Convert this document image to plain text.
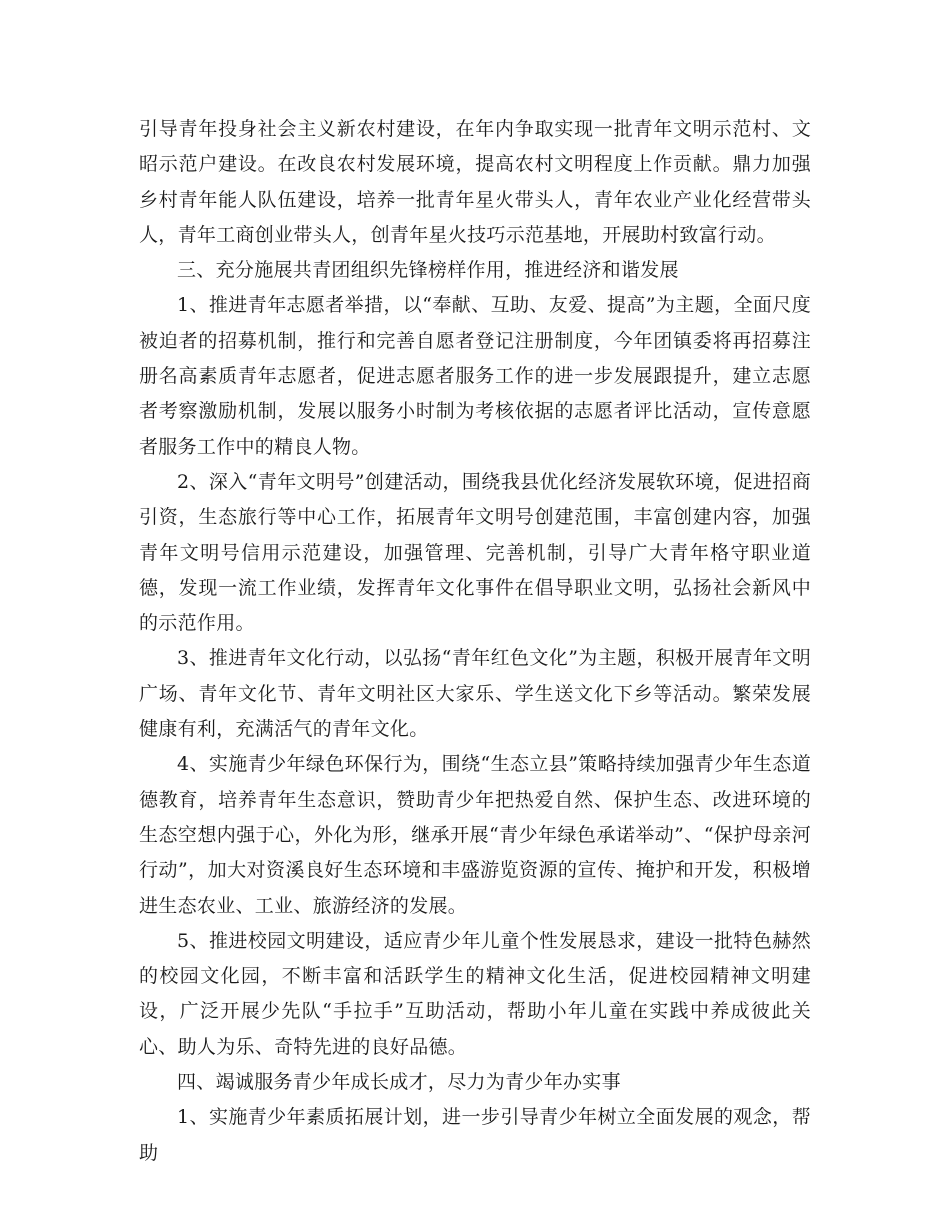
引导青年投身社会主义新农村建设，在年内争取实现一批青年文明示范村、文昭示范户建设。在改良农村发展环境，提高农村文明程度上作贡献。鼎力加强乡村青年能人队伍建设，培养一批青年星火带头人，青年农业产业化经营带头人，青年工商创业带头人，创青年星火技巧示范基地，开展助村致富行动。

三、充分施展共青团组织先锋榜样作用，推进经济和谐发展

1、推进青年志愿者举措，以“奉献、互助、友爱、提高”为主题，全面尺度被迫者的招募机制，推行和完善自愿者登记注册制度，今年团镇委将再招募注册名高素质青年志愿者，促进志愿者服务工作的进一步发展跟提升，建立志愿者考察激励机制，发展以服务小时制为考核依据的志愿者评比活动，宣传意愿者服务工作中的精良人物。

2、深入“青年文明号”创建活动，围绕我县优化经济发展软环境，促进招商引资，生态旅行等中心工作，拓展青年文明号创建范围，丰富创建内容，加强青年文明号信用示范建设，加强管理、完善机制，引导广大青年格守职业道德，发现一流工作业绩，发挥青年文化事件在倡导职业文明，弘扬社会新风中的示范作用。

3、推进青年文化行动，以弘扬“青年红色文化”为主题，积极开展青年文明广场、青年文化节、青年文明社区大家乐、学生送文化下乡等活动。繁荣发展健康有利，充满活气的青年文化。

4、实施青少年绿色环保行为，围绕“生态立县”策略持续加强青少年生态道德教育，培养青年生态意识，赞助青少年把热爱自然、保护生态、改进环境的生态空想内强于心，外化为形，继承开展“青少年绿色承诺举动”、“保护母亲河行动”，加大对资溪良好生态环境和丰盛游览资源的宣传、掩护和开发，积极增进生态农业、工业、旅游经济的发展。

5、推进校园文明建设，适应青少年儿童个性发展恳求，建设一批特色赫然的校园文化园，不断丰富和活跃学生的精神文化生活，促进校园精神文明建设，广泛开展少先队“手拉手”互助活动，帮助小年儿童在实践中养成彼此关心、助人为乐、奇特先进的良好品德。

四、竭诚服务青少年成长成才，尽力为青少年办实事

1、实施青少年素质拓展计划，进一步引导青少年树立全面发展的观念，帮助
